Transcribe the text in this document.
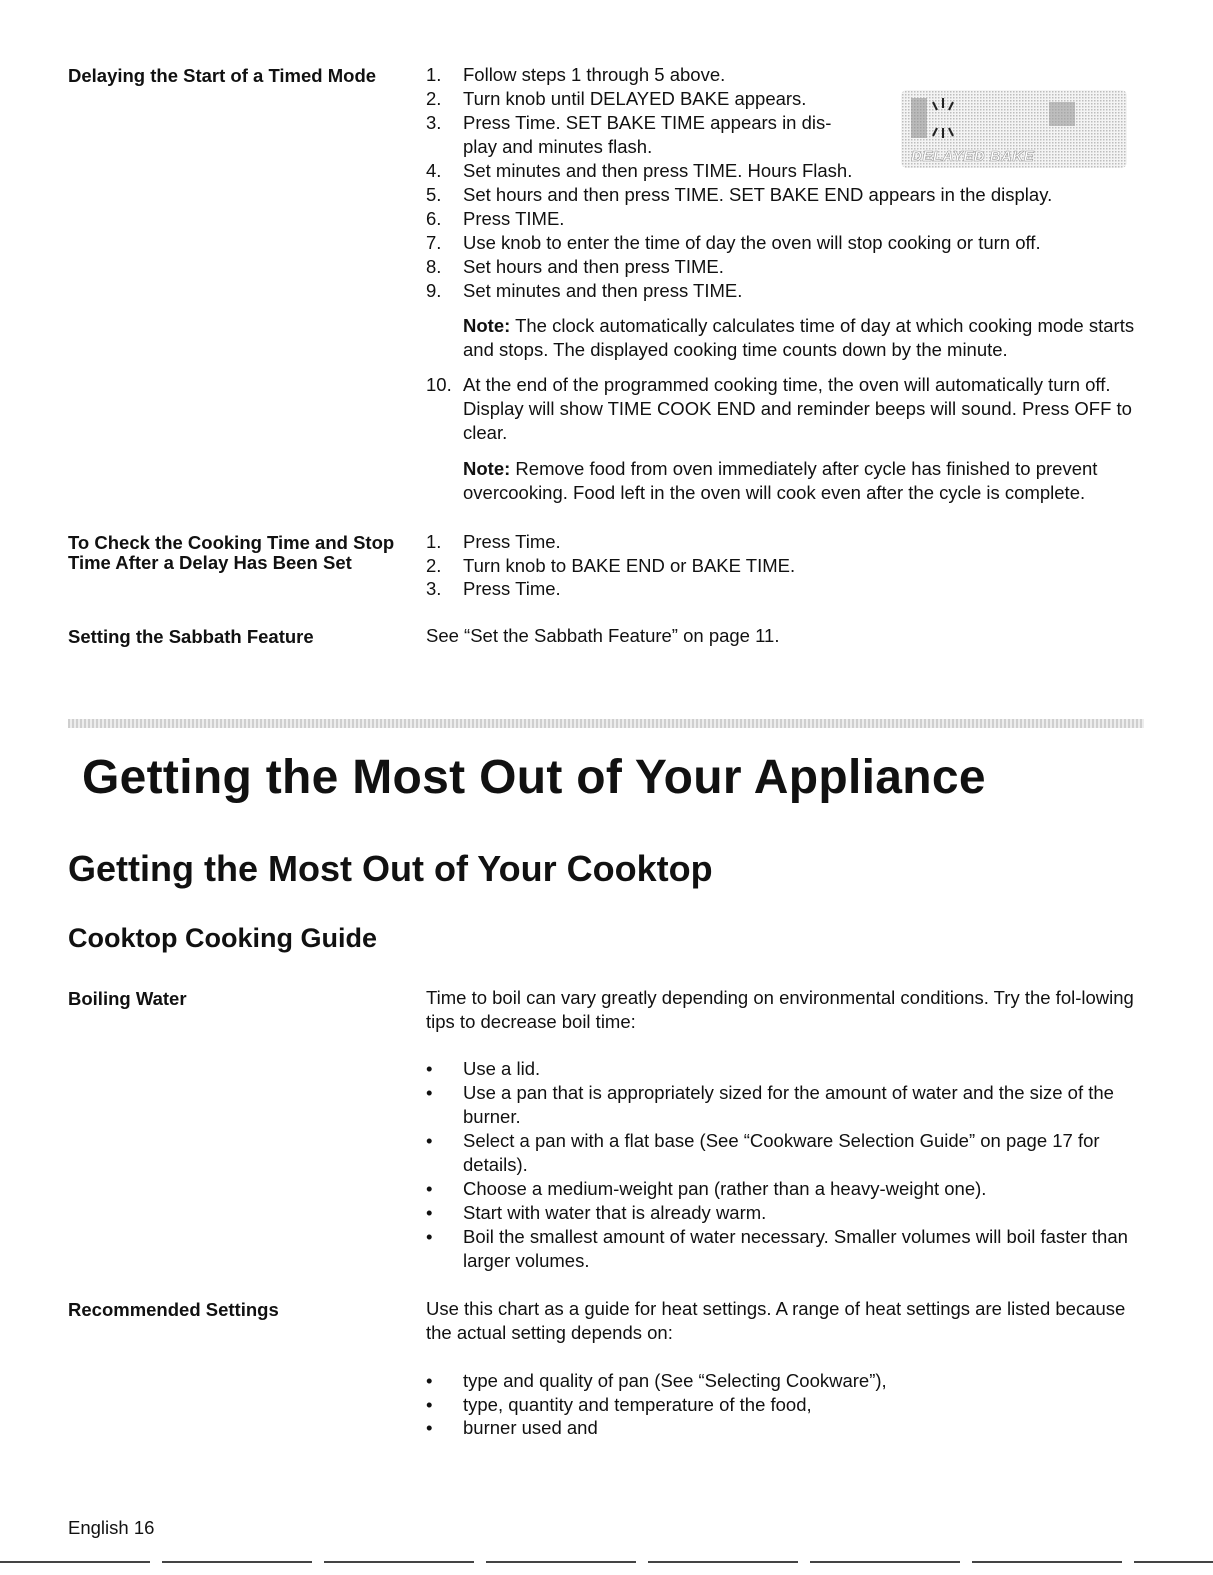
Delaying the Start of a Timed Mode	1.	Follow steps 1 through 5 above.
2.	Turn knob until DELAYED BAKE appears.
3.	Press Time. SET BAKE TIME appears in dis-
play and minutes flash.
4.	Set minutes and then press TIME. Hours Flash.
5.	Set hours and then press TIME. SET BAKE END appears in the display.
6.	Press TIME.
7.	Use knob to enter the time of day the oven will stop cooking or turn off.
8.	Set hours and then press TIME.
9.	Set minutes and then press TIME.
Note: The clock automatically calculates time of day at which cooking mode starts and stops. The displayed cooking time counts down by the minute.
10. At the end of the programmed cooking time, the oven will automatically turn off. Display will show TIME COOK END and reminder beeps will sound. Press OFF to clear.
Note: Remove food from oven immediately after cycle has finished to prevent overcooking. Food left in the oven will cook even after the cycle is complete.
DELAYED BAKE
To Check the Cooking Time and Stop
Time After a Delay Has Been Set
1.	Press Time.
2.	Turn knob to BAKE END or BAKE TIME.
3.	Press Time.
Setting the Sabbath Feature	See “Set the Sabbath Feature” on page 11.
Getting the Most Out of Your Appliance
Getting the Most Out of Your Cooktop
Cooktop Cooking Guide
Boiling Water	Time to boil can vary greatly depending on environmental conditions. Try the fol-lowing tips to decrease boil time:
•	Use a lid.
•	Use a pan that is appropriately sized for the amount of water and the size of the burner.
•	Select a pan with a flat base (See “Cookware Selection Guide” on page 17 for details).
•	Choose a medium-weight pan (rather than a heavy-weight one).
•	Start with water that is already warm.
•	Boil the smallest amount of water necessary. Smaller volumes will boil faster than larger volumes.
Recommended Settings	Use this chart as a guide for heat settings. A range of heat settings are listed because the actual setting depends on:
•	type and quality of pan (See “Selecting Cookware”),
•	type, quantity and temperature of the food,
•	burner used and
English 16
